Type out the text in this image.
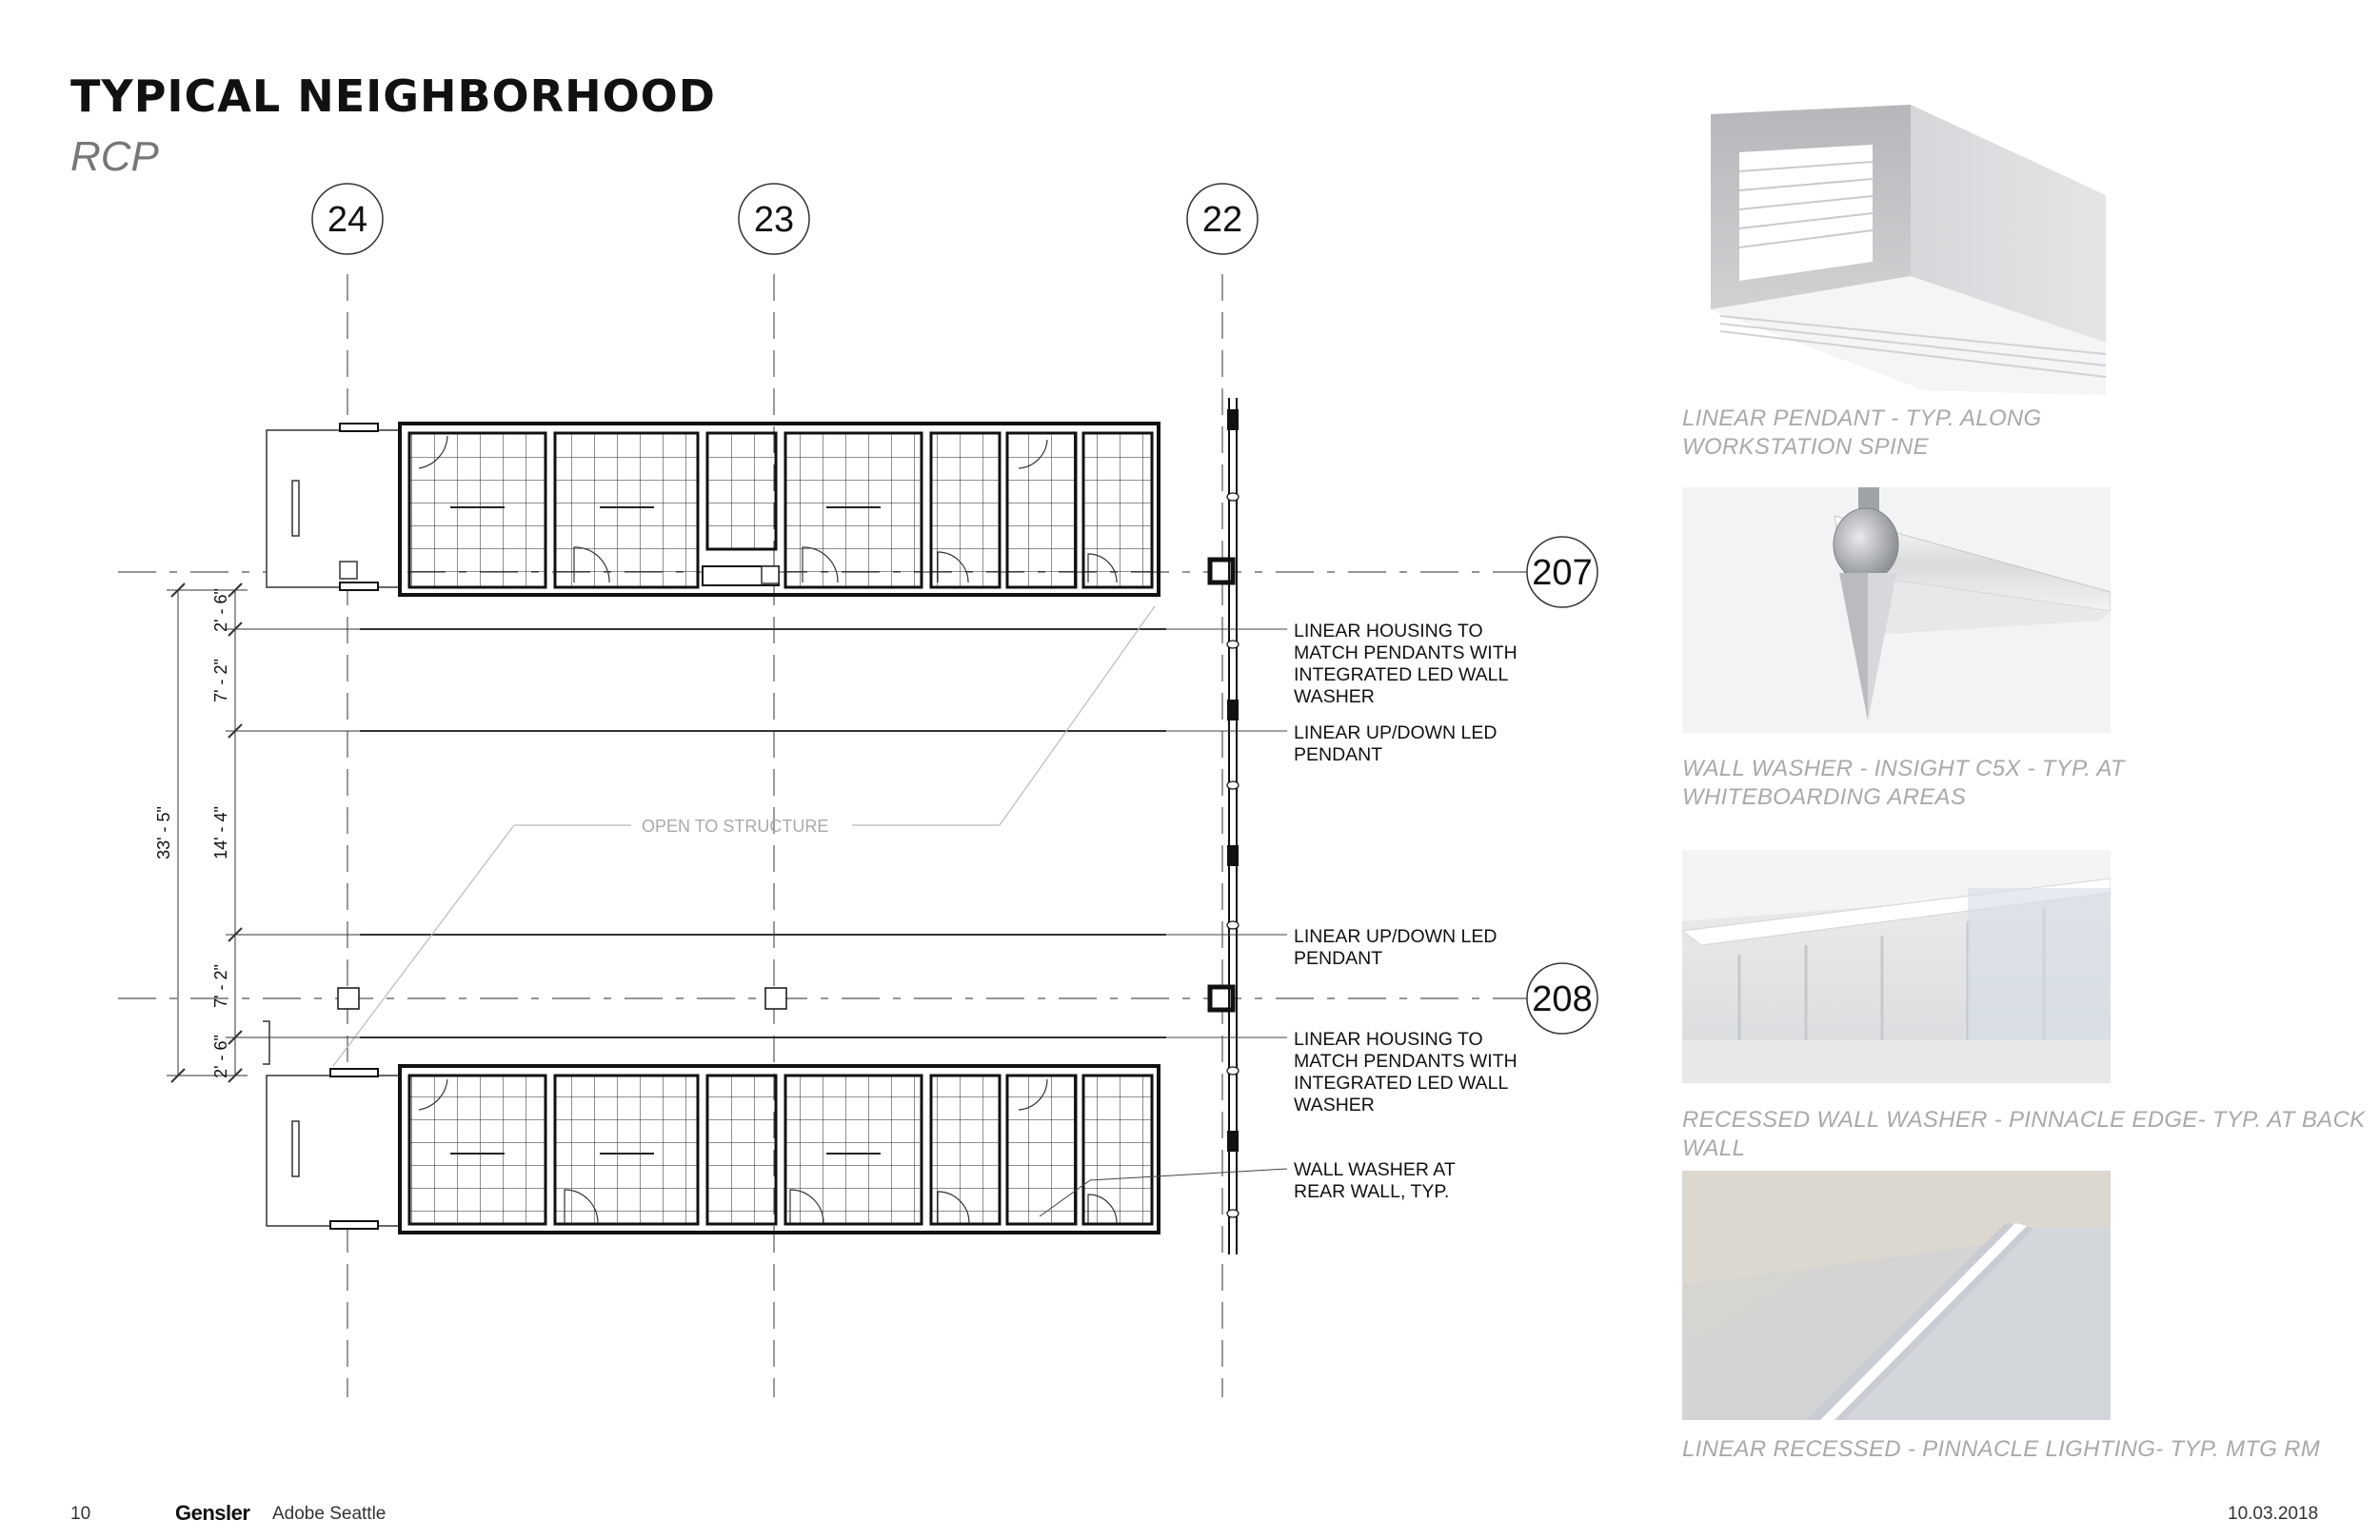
TYPICAL NEIGHBORHOOD
RCP
24	23	22
207
208
OPEN TO STRUCTURE
LINEAR HOUSING TO
MATCH PENDANTS WITH
INTEGRATED LED WALL
WASHER
LINEAR UP/DOWN LED
PENDANT
LINEAR UP/DOWN LED
PENDANT
LINEAR HOUSING TO
MATCH PENDANTS WITH
INTEGRATED LED WALL
WASHER
WALL WASHER AT
REAR WALL, TYP.
33' - 5"
2' - 6"
7' - 2"
14' - 4"
7' - 2"
2' - 6"
LINEAR PENDANT - TYP. ALONG
WORKSTATION SPINE
WALL WASHER - INSIGHT C5X - TYP. AT
WHITEBOARDING AREAS
RECESSED WALL WASHER - PINNACLE EDGE- TYP. AT BACK WALL
LINEAR RECESSED - PINNACLE LIGHTING- TYP. MTG RM
10	Gensler Adobe Seattle	10.03.2018
